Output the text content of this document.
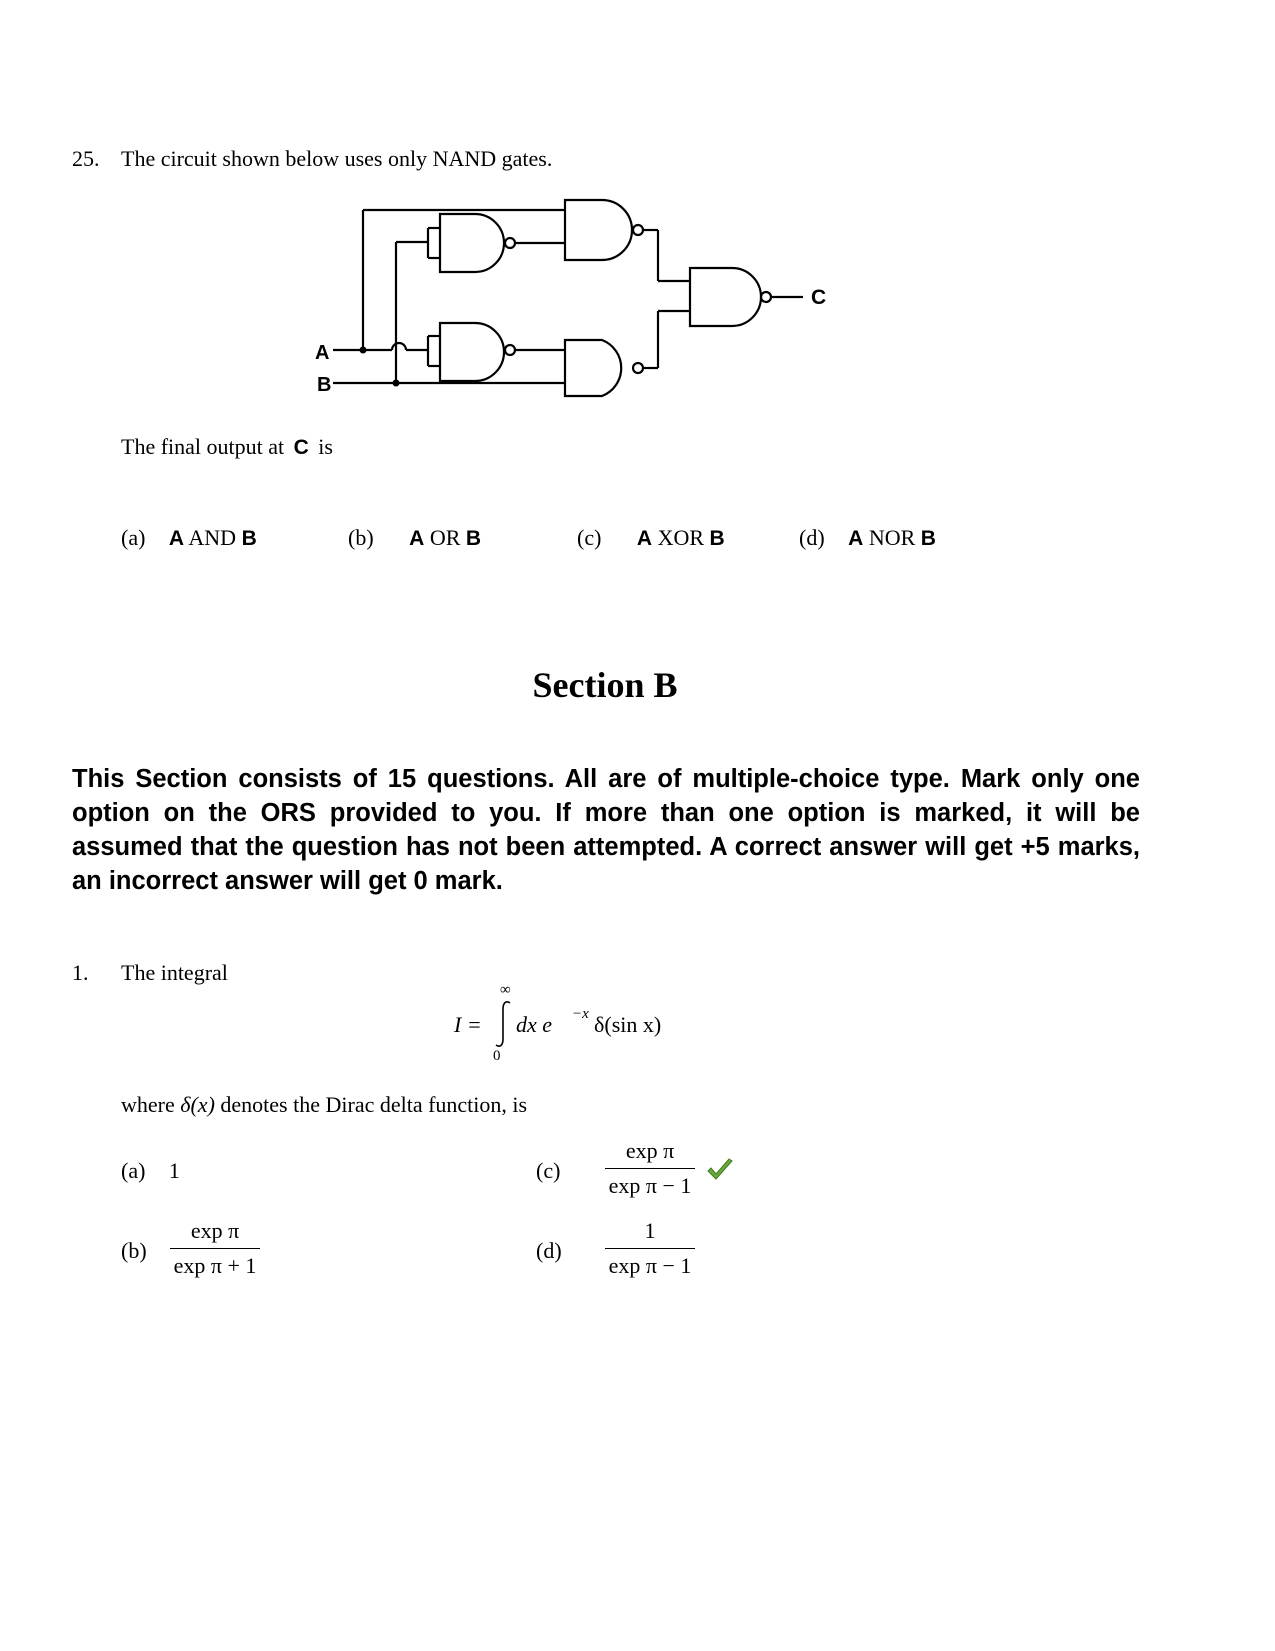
25. The circuit shown below uses only NAND gates.
A
B
C
The final output at C is
(a) A AND B	(b) A OR B	(c) A XOR B	(d) A NOR B
Section B
This Section consists of 15 questions. All are of multiple-choice type. Mark only one option on the ORS provided to you. If more than one option is marked, it will be assumed that the question has not been attempted. A correct answer will get +5 marks, an incorrect answer will get 0 mark.
1. The integral
I =
∞
0
dx e −x δ(sin x)
where δ(x) denotes the Dirac delta function, is
(a) 1
(b)
exp π
exp π + 1
(c)
exp π
exp π − 1
(d)
1
exp π − 1
